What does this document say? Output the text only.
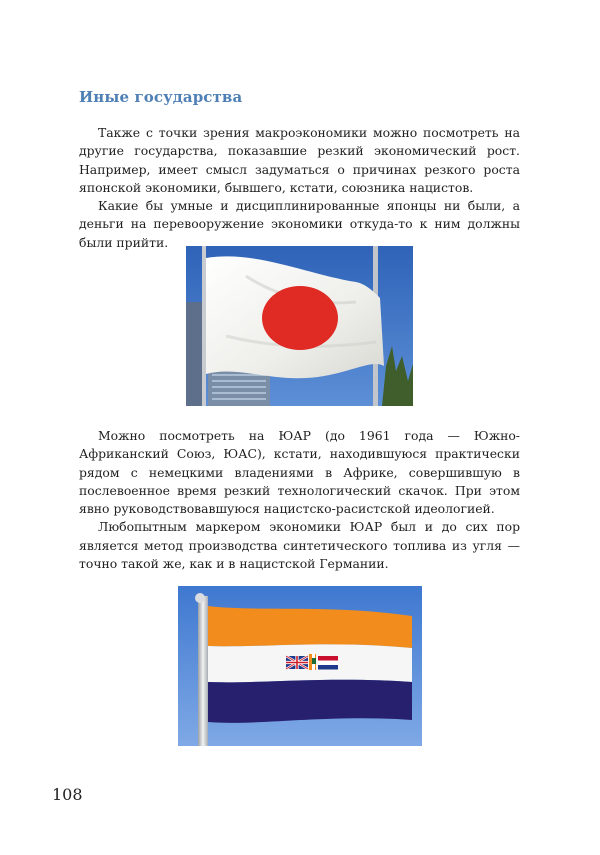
Иные государства

Также с точки зрения макроэкономики можно посмотреть на другие государства, показавшие резкий экономический рост. Например, имеет смысл задуматься о причинах резкого роста японской экономики, бывшего, кстати, союзника нацистов.

Какие бы умные и дисциплинированные японцы ни были, а деньги на перевооружение экономики откуда-то к ним должны были прийти.

Можно посмотреть на ЮАР (до 1961 года — Южно-Африканский Союз, ЮАС), кстати, находившуюся практически рядом с немецкими владениями в Африке, совершившую в послевоенное время резкий технологический скачок. При этом явно руководствовавшуюся нацистско-расистской идеологией.

Любопытным маркером экономики ЮАР был и до сих пор является метод производства синтетического топлива из угля — точно такой же, как и в нацистской Германии.

108
